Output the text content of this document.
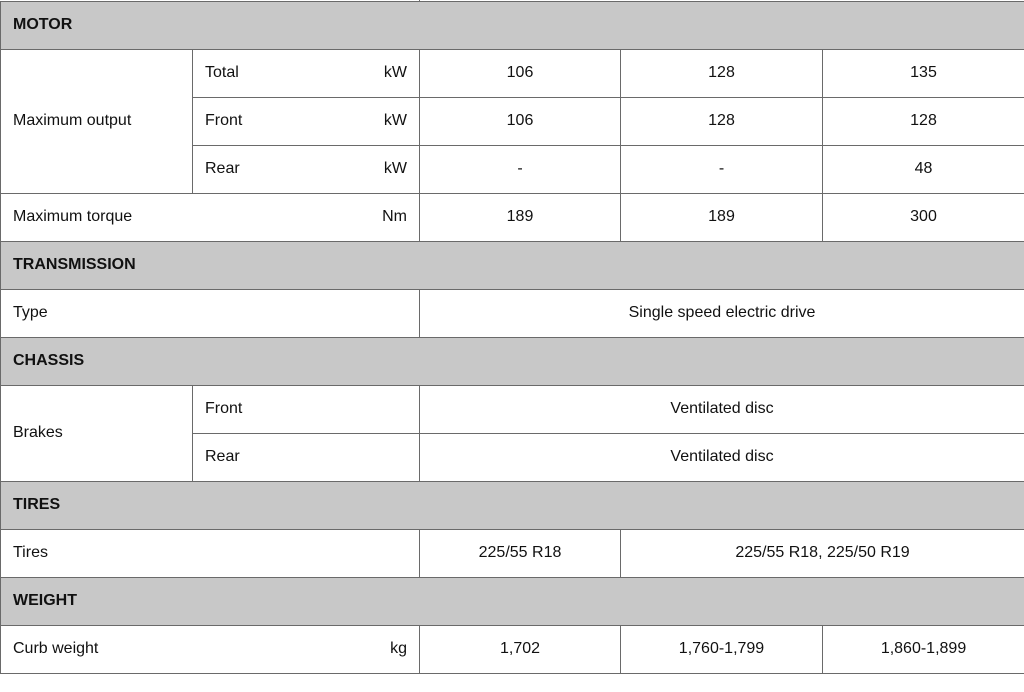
MOTOR				
Maximum output	Total kW	106	128	135

	Front kW	106	128	128

	Rear kW	-	-	48

Maximum torque Nm		189	189	300
TRANSMISSION				
Type		Single speed electric drive		
CHASSIS				
Brakes	Front	Ventilated disc		
	Rear	Ventilated disc		
TIRES				
Tires		225/55 R18	225/55 R18, 225/50 R19	
WEIGHT				

Curb weight kg		1,702	1,760-1,799	1,860-1,899
